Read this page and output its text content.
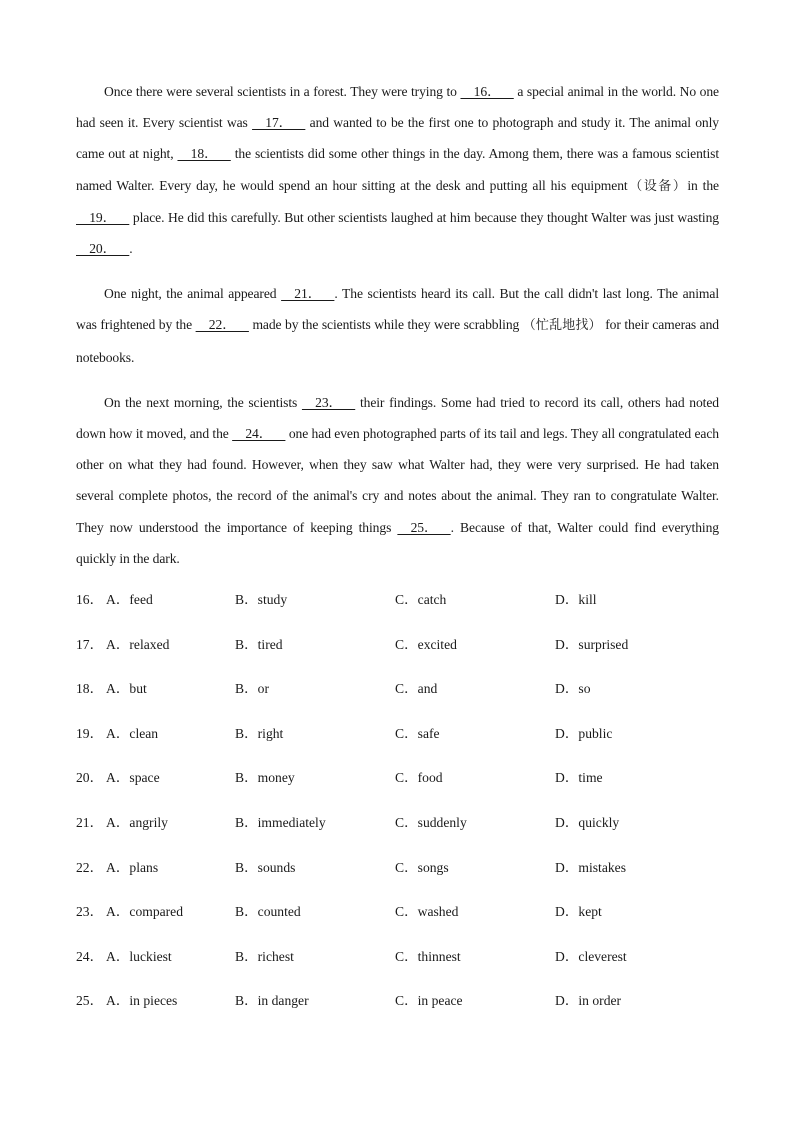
Once there were several scientists in a forest. They were trying to     16．     a special animal in the world. No one had seen it. Every scientist was     17．     and wanted to be the first one to photograph and study it. The animal only came out at night,     18．     the scientists did some other things in the day. Among them, there was a famous scientist named Walter. Every day, he would spend an hour sitting at the desk and putting all his equipment（设备）in the     19．     place. He did this carefully. But other scientists laughed at him because they thought Walter was just wasting     20．    .

One night, the animal appeared     21．    . The scientists heard its call. But the call didn't last long. The animal was frightened by the     22．     made by the scientists while they were scrabbling （忙乱地找） for their cameras and notebooks.

On the next morning, the scientists     23．     their findings. Some had tried to record its call, others had noted down how it moved, and the     24．     one had even photographed parts of its tail and legs. They all congratulated each other on what they had found. However, when they saw what Walter had, they were very surprised. He had taken several complete photos, the record of the animal's cry and notes about the animal. They ran to congratulate Walter. They now understood the importance of keeping things     25．    . Because of that, Walter could find everything quickly in the dark.

16． A．feed	B．study	C．catch	D．kill
17． A．relaxed	B．tired	C．excited	D．surprised
18． A．but	B．or	C．and	D．so
19． A．clean	B．right	C．safe	D．public
20． A．space	B．money	C．food	D．time
21． A．angrily	B．immediately	C．suddenly	D．quickly
22． A．plans	B．sounds	C．songs	D．mistakes
23． A．compared	B．counted	C．washed	D．kept
24． A．luckiest	B．richest	C．thinnest	D．cleverest
25． A．in pieces	B．in danger	C．in peace	D．in order
